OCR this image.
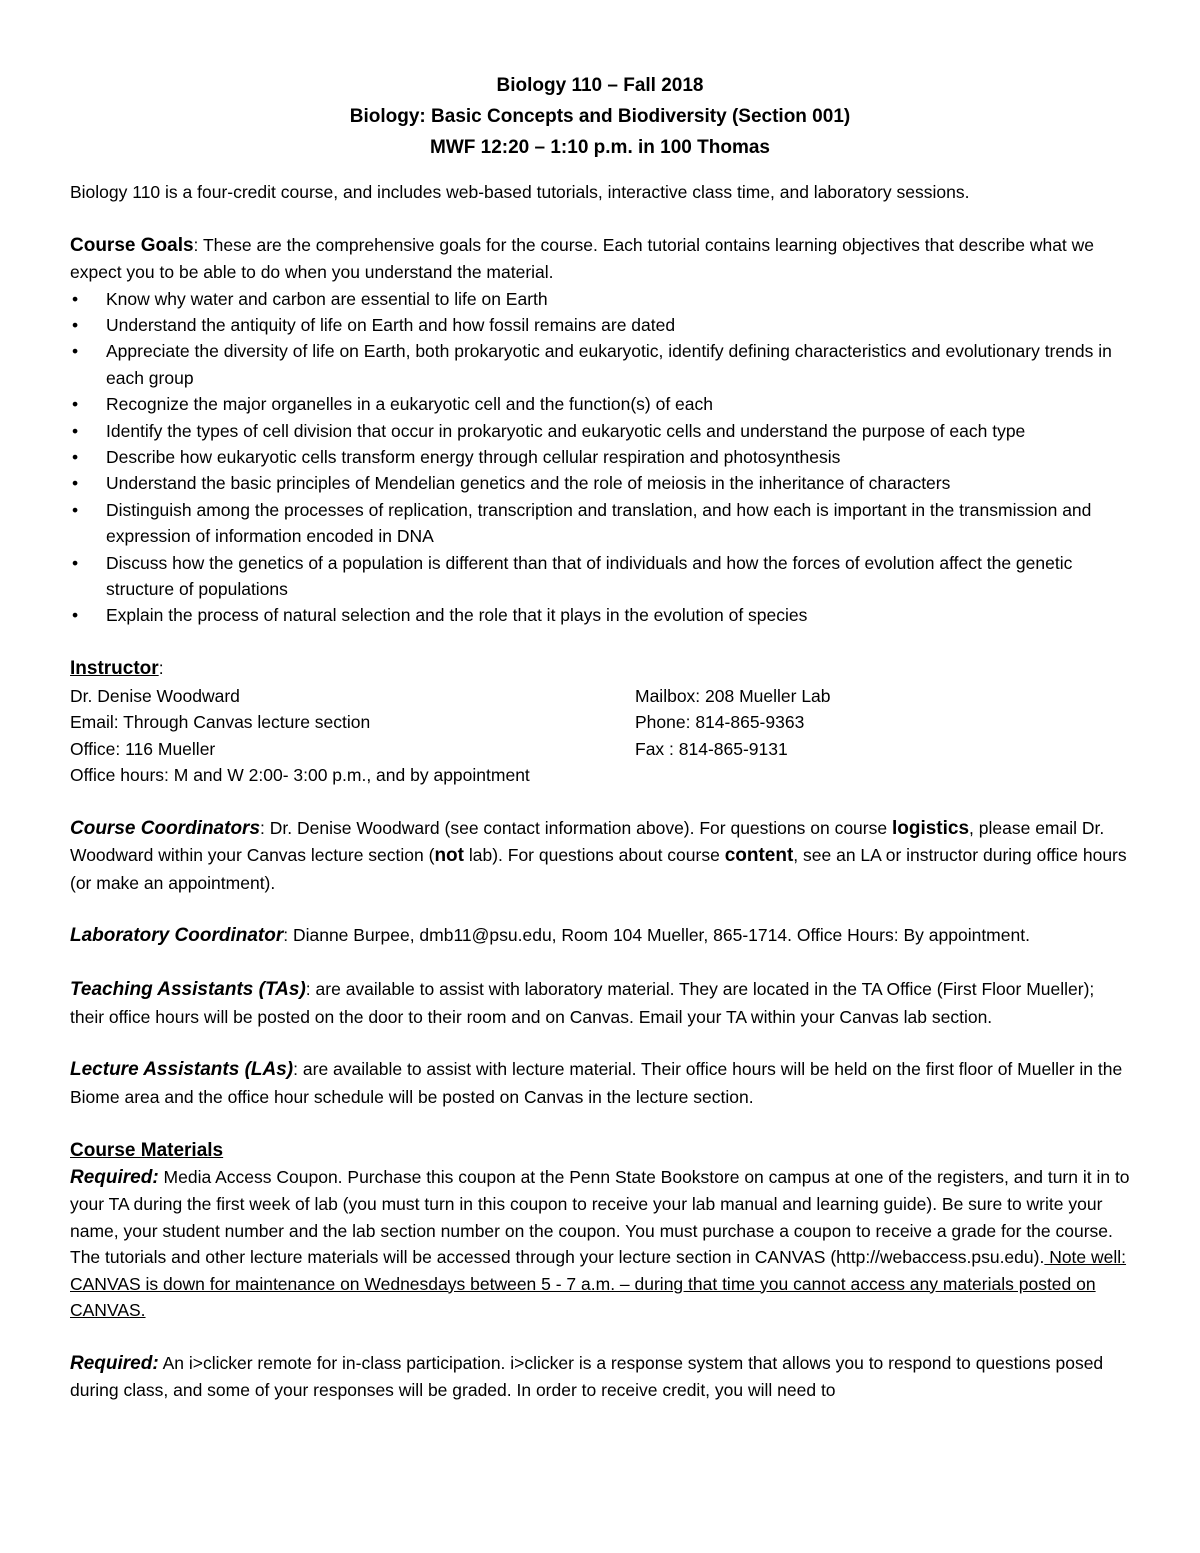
Biology 110 – Fall 2018
Biology: Basic Concepts and Biodiversity (Section 001)
MWF 12:20 – 1:10 p.m. in 100 Thomas

Biology 110 is a four-credit course, and includes web-based tutorials, interactive class time, and laboratory sessions.

Course Goals: These are the comprehensive goals for the course. Each tutorial contains learning objectives that describe what we expect you to be able to do when you understand the material.

• Know why water and carbon are essential to life on Earth
• Understand the antiquity of life on Earth and how fossil remains are dated
• Appreciate the diversity of life on Earth, both prokaryotic and eukaryotic, identify defining characteristics and evolutionary trends in each group
• Recognize the major organelles in a eukaryotic cell and the function(s) of each
• Identify the types of cell division that occur in prokaryotic and eukaryotic cells and understand the purpose of each type
• Describe how eukaryotic cells transform energy through cellular respiration and photosynthesis
• Understand the basic principles of Mendelian genetics and the role of meiosis in the inheritance of characters
• Distinguish among the processes of replication, transcription and translation, and how each is important in the transmission and expression of information encoded in DNA
• Discuss how the genetics of a population is different than that of individuals and how the forces of evolution affect the genetic structure of populations
• Explain the process of natural selection and the role that it plays in the evolution of species

Instructor:

Dr. Denise Woodward
Email: Through Canvas lecture section
Office: 116 Mueller
Office hours: M and W 2:00- 3:00 p.m., and by appointment
Mailbox: 208 Mueller Lab
Phone: 814-865-9363
Fax : 814-865-9131

Course Coordinators: Dr. Denise Woodward (see contact information above). For questions on course logistics, please email Dr. Woodward within your Canvas lecture section (not lab). For questions about course content, see an LA or instructor during office hours (or make an appointment).

Laboratory Coordinator: Dianne Burpee, dmb11@psu.edu, Room 104 Mueller, 865-1714. Office Hours: By appointment.

Teaching Assistants (TAs): are available to assist with laboratory material. They are located in the TA Office (First Floor Mueller); their office hours will be posted on the door to their room and on Canvas. Email your TA within your Canvas lab section.

Lecture Assistants (LAs): are available to assist with lecture material. Their office hours will be held on the first floor of Mueller in the Biome area and the office hour schedule will be posted on Canvas in the lecture section.

Course Materials

Required: Media Access Coupon. Purchase this coupon at the Penn State Bookstore on campus at one of the registers, and turn it in to your TA during the first week of lab (you must turn in this coupon to receive your lab manual and learning guide). Be sure to write your name, your student number and the lab section number on the coupon. You must purchase a coupon to receive a grade for the course. The tutorials and other lecture materials will be accessed through your lecture section in CANVAS (http://webaccess.psu.edu). Note well: CANVAS is down for maintenance on Wednesdays between 5 - 7 a.m. – during that time you cannot access any materials posted on CANVAS.

Required: An i>clicker remote for in-class participation. i>clicker is a response system that allows you to respond to questions posed during class, and some of your responses will be graded. In order to receive credit, you will need to
